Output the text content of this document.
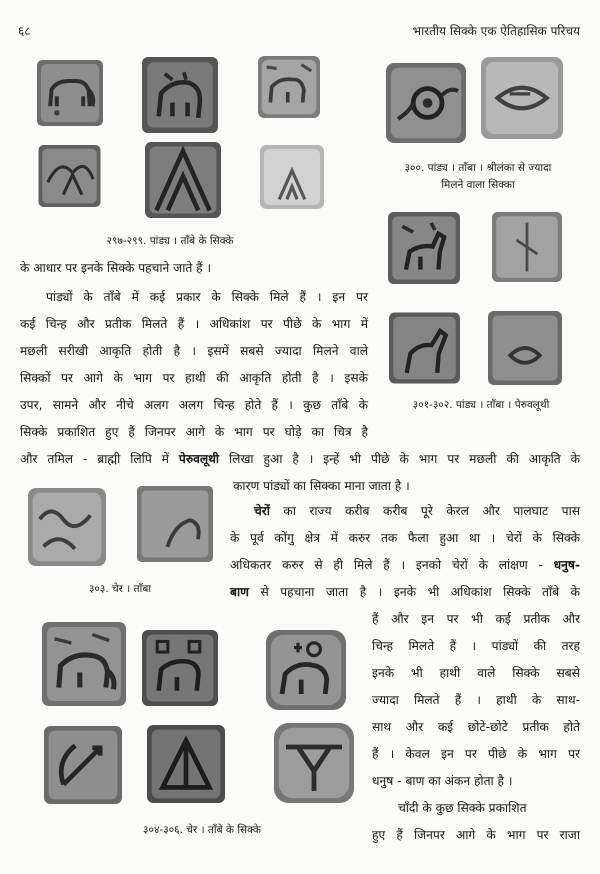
६८	भारतीय सिक्के एक ऐतिहासिक परिचय
२९७-२९९. पांड्य । ताँबे के सिक्के
३००. पांड्य । ताँबा । श्रीलंका से ज्यादा
मिलने वाला सिक्का
३०१-३०२. पांड्य । ताँबा । पेरुवलूथी
के आधार पर इनके सिक्के पहचाने जाते हैं ।
पांड्यों के ताँबे में कई प्रकार के सिक्के मिले हैं । इन पर
कई चिन्ह और प्रतीक मिलते हैं । अधिकांश पर पीछे के भाग में
मछली सरीखी आकृति होती है । इसमें सबसे ज्यादा मिलने वाले
सिक्कों पर आगे के भाग पर हाथी की आकृति होती है । इसके
उपर, सामने और नीचे अलग अलग चिन्ह होते हैं । कुछ ताँबे के
सिक्के प्रकाशित हुए हैं जिनपर आगे के भाग पर घोड़े का चित्र है
और तमिल - ब्राह्मी लिपि में पेरुवलूथी लिखा हुआ है । इन्हें भी पीछे के भाग पर मछली की आकृति के
कारण पांड्यों का सिक्का माना जाता है ।
३०३. चेर । ताँबा
चेरों का राज्य करीब करीब पूरे केरल और पालघाट पास
के पूर्व कोंगु क्षेत्र में करुर तक फैला हुआ था । चेरों के सिक्के
अधिकतर करुर से ही मिले हैं । इनको चेरों के लांक्षण - धनुष-
बाण से पहचाना जाता है । इनके भी अधिकांश सिक्के ताँबे के
हैं और इन पर भी कई प्रतीक और
चिन्ह मिलते हैं । पांड्यों की तरह
इनके भी हाथी वाले सिक्के सबसे
ज्यादा मिलते हैं । हाथी के साथ-
साथ और कई छोटे-छोटे प्रतीक होते
हैं । केवल इन पर पीछे के भाग पर
धनुष - बाण का अंकन होता है ।
चाँदी के कुछ सिक्के प्रकाशित
हुए हैं जिनपर आगे के भाग पर राजा
३०४-३०६. चेर । ताँबे के सिक्के
